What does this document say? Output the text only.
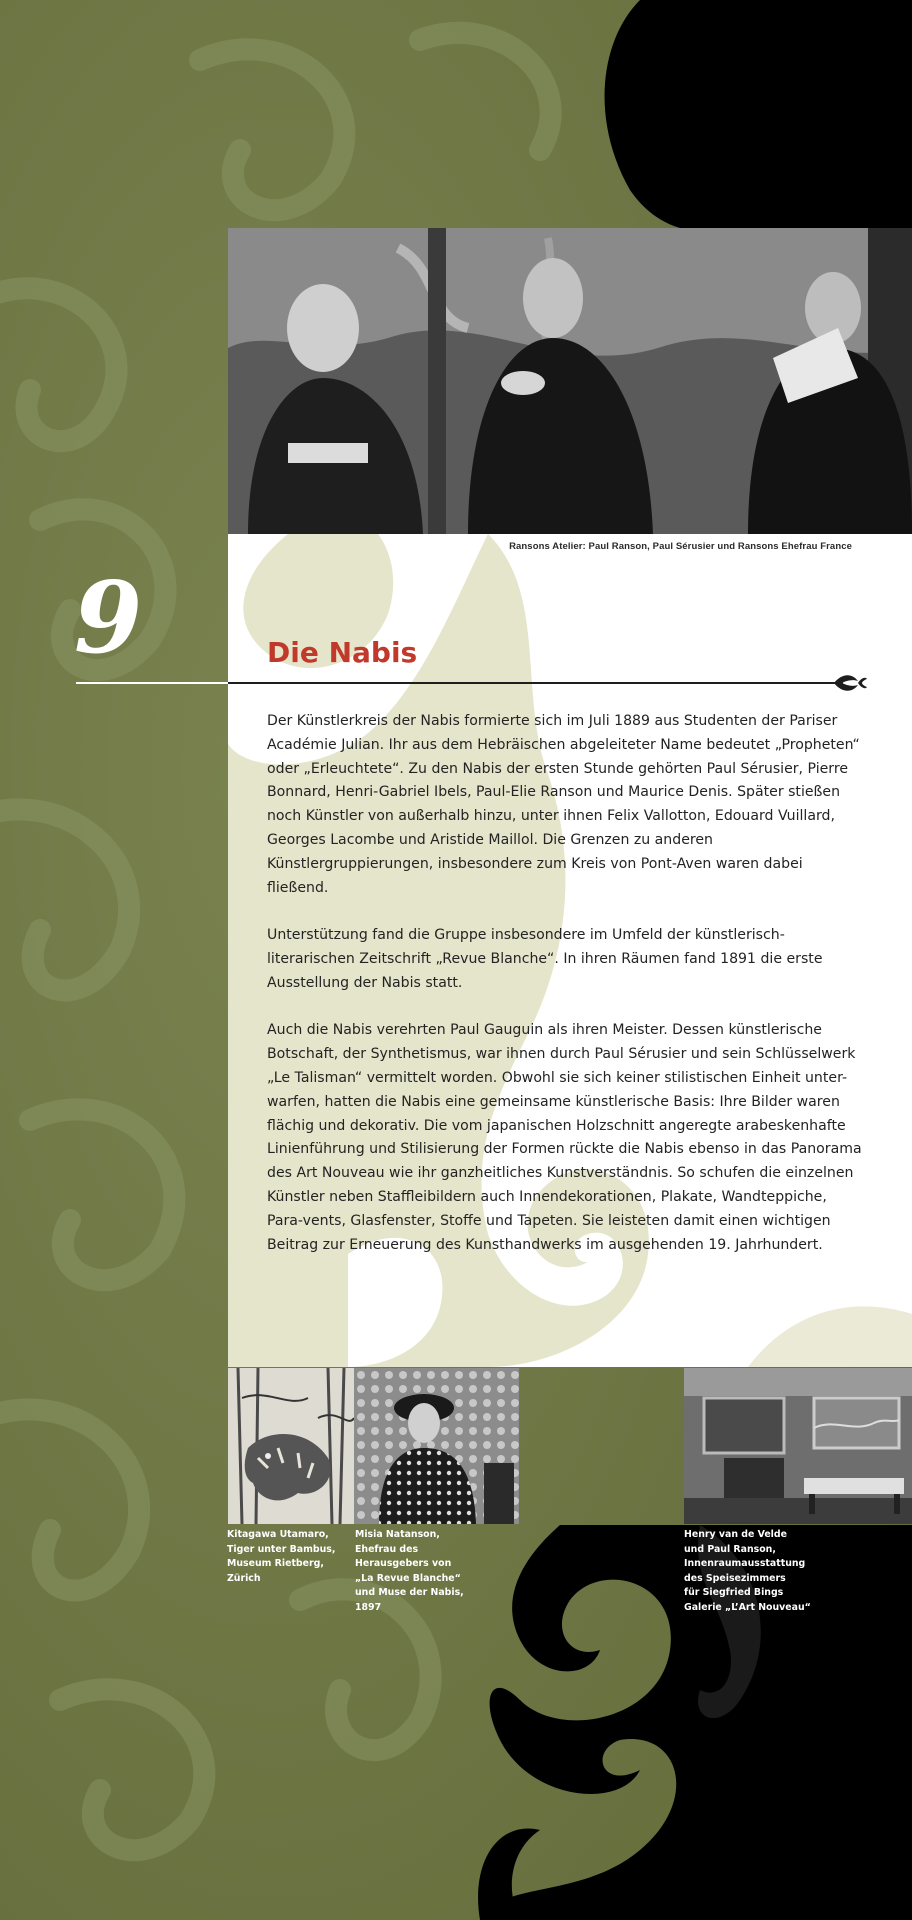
Ransons Atelier: Paul Ranson, Paul Sérusier und Ransons Ehefrau France
9	Die Nabis

Der Künstlerkreis der Nabis formierte sich im Juli 1889 aus Studenten der Pariser Académie Julian. Ihr aus dem Hebräischen abgeleiteter Name bedeutet „Propheten“ oder „Erleuchtete“. Zu den Nabis der ersten Stunde gehörten Paul Sérusier, Pierre Bonnard, Henri-Gabriel Ibels, Paul-Elie Ranson und Maurice Denis. Später stießen noch Künstler von außerhalb hinzu, unter ihnen Felix Vallotton, Edouard Vuillard, Georges Lacombe und Aristide Maillol. Die Grenzen zu anderen Künstlergruppierungen, insbesondere zum Kreis von Pont-Aven waren dabei fließend.

Unterstützung fand die Gruppe insbesondere im Umfeld der künstlerisch-literarischen Zeitschrift „Revue Blanche“. In ihren Räumen fand 1891 die erste Ausstellung der Nabis statt.

Auch die Nabis verehrten Paul Gauguin als ihren Meister. Dessen künstlerische Botschaft, der Synthetismus, war ihnen durch Paul Sérusier und sein Schlüsselwerk „Le Talisman“ vermittelt worden. Obwohl sie sich keiner stilistischen Einheit unter-warfen, hatten die Nabis eine gemeinsame künstlerische Basis: Ihre Bilder waren flächig und dekorativ. Die vom japanischen Holzschnitt angeregte arabeskenhafte Linienführung und Stilisierung der Formen rückte die Nabis ebenso in das Panorama des Art Nouveau wie ihr ganzheitliches Kunstverständnis. So schufen die einzelnen Künstler neben Staffleibildern auch Innendekorationen, Plakate, Wandteppiche, Para-vents, Glasfenster, Stoffe und Tapeten. Sie leisteten damit einen wichtigen Beitrag zur Erneuerung des Kunsthandwerks im ausgehenden 19. Jahrhundert.

Kitagawa Utamaro,
Tiger unter Bambus,
Museum Rietberg,
Zürich
Misia Natanson,
Ehefrau des
Herausgebers von
„La Revue Blanche“
und Muse der Nabis,
1897
Henry van de Velde
und Paul Ranson,
Innenraumausstattung
des Speisezimmers
für Siegfried Bings
Galerie „L’Art Nouveau“
